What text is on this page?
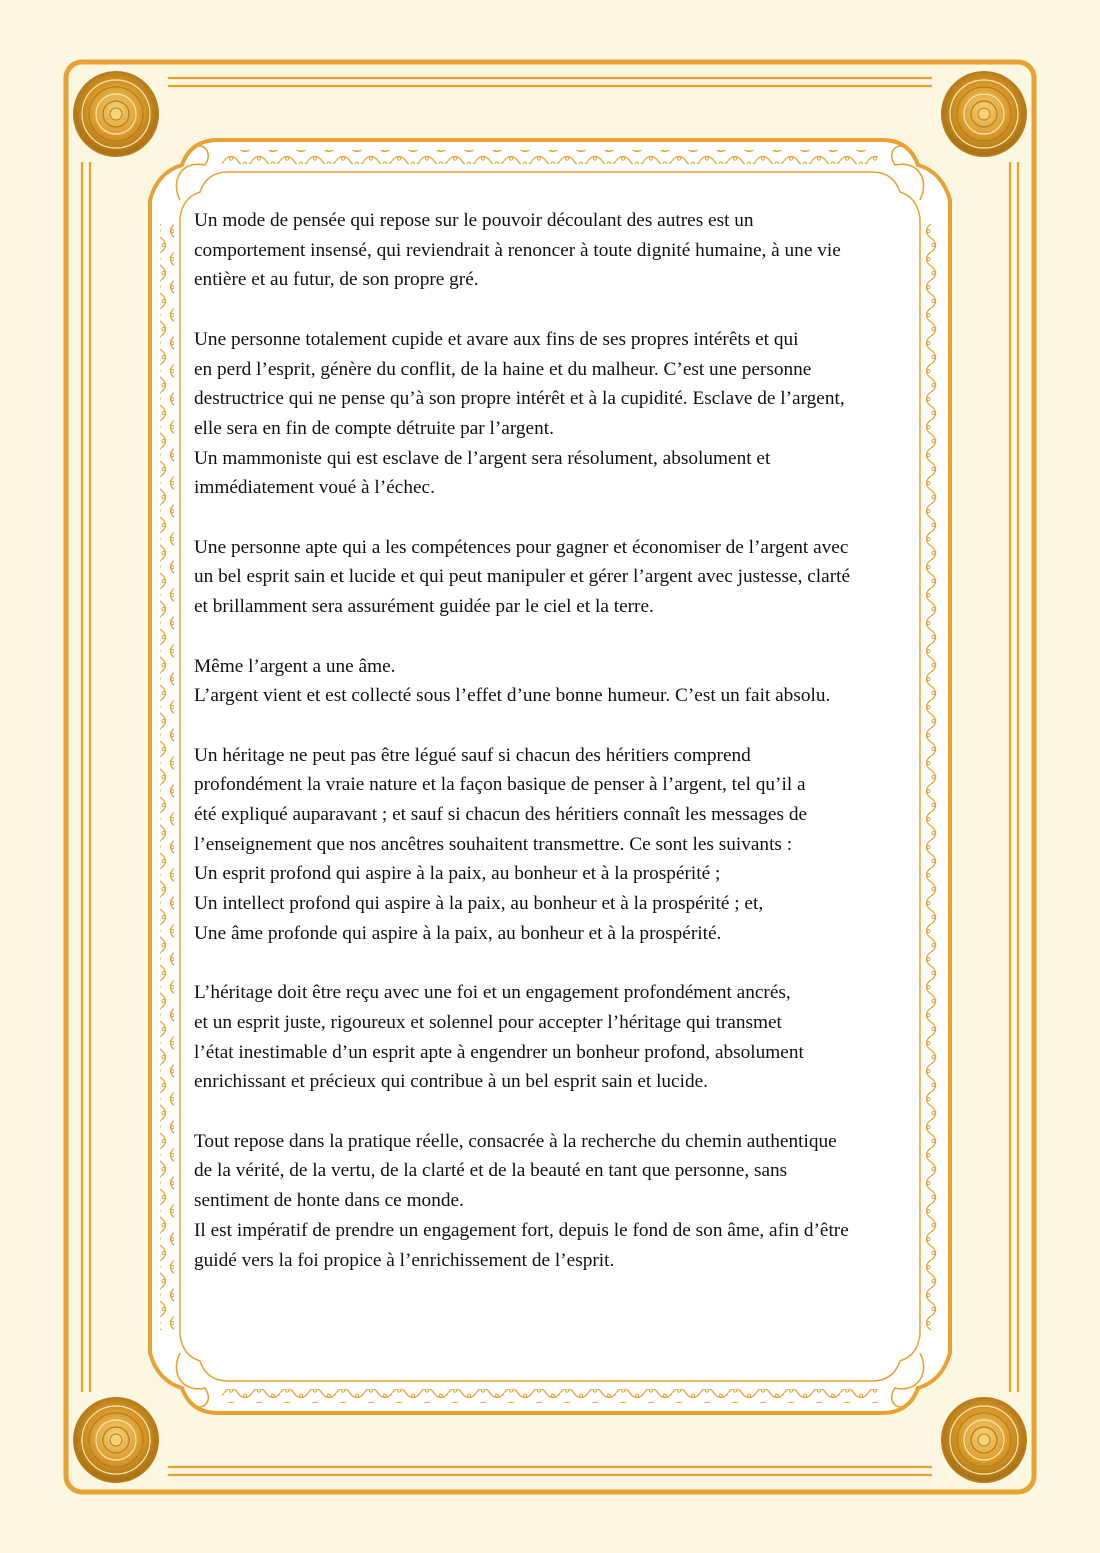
Un mode de pensée qui repose sur le pouvoir découlant des autres est un
comportement insensé, qui reviendrait à renoncer à toute dignité humaine, à une vie
entière et au futur, de son propre gré.

Une personne totalement cupide et avare aux fins de ses propres intérêts et qui
en perd l’esprit, génère du conflit, de la haine et du malheur. C’est une personne
destructrice qui ne pense qu’à son propre intérêt et à la cupidité. Esclave de l’argent,
elle sera en fin de compte détruite par l’argent.
Un mammoniste qui est esclave de l’argent sera résolument, absolument et
immédiatement voué à l’échec.

Une personne apte qui a les compétences pour gagner et économiser de l’argent avec
un bel esprit sain et lucide et qui peut manipuler et gérer l’argent avec justesse, clarté
et brillamment sera assurément guidée par le ciel et la terre.

Même l’argent a une âme.
L’argent vient et est collecté sous l’effet d’une bonne humeur. C’est un fait absolu.

Un héritage ne peut pas être légué sauf si chacun des héritiers comprend
profondément la vraie nature et la façon basique de penser à l’argent, tel qu’il a
été expliqué auparavant ; et sauf si chacun des héritiers connaît les messages de
l’enseignement que nos ancêtres souhaitent transmettre. Ce sont les suivants :
Un esprit profond qui aspire à la paix, au bonheur et à la prospérité ;
Un intellect profond qui aspire à la paix, au bonheur et à la prospérité ; et,
Une âme profonde qui aspire à la paix, au bonheur et à la prospérité.

L’héritage doit être reçu avec une foi et un engagement profondément ancrés,
et un esprit juste, rigoureux et solennel pour accepter l’héritage qui transmet
l’état inestimable d’un esprit apte à engendrer un bonheur profond, absolument
enrichissant et précieux qui contribue à un bel esprit sain et lucide.

Tout repose dans la pratique réelle, consacrée à la recherche du chemin authentique
de la vérité, de la vertu, de la clarté et de la beauté en tant que personne, sans
sentiment de honte dans ce monde.
Il est impératif de prendre un engagement fort, depuis le fond de son âme, afin d’être
guidé vers la foi propice à l’enrichissement de l’esprit.
